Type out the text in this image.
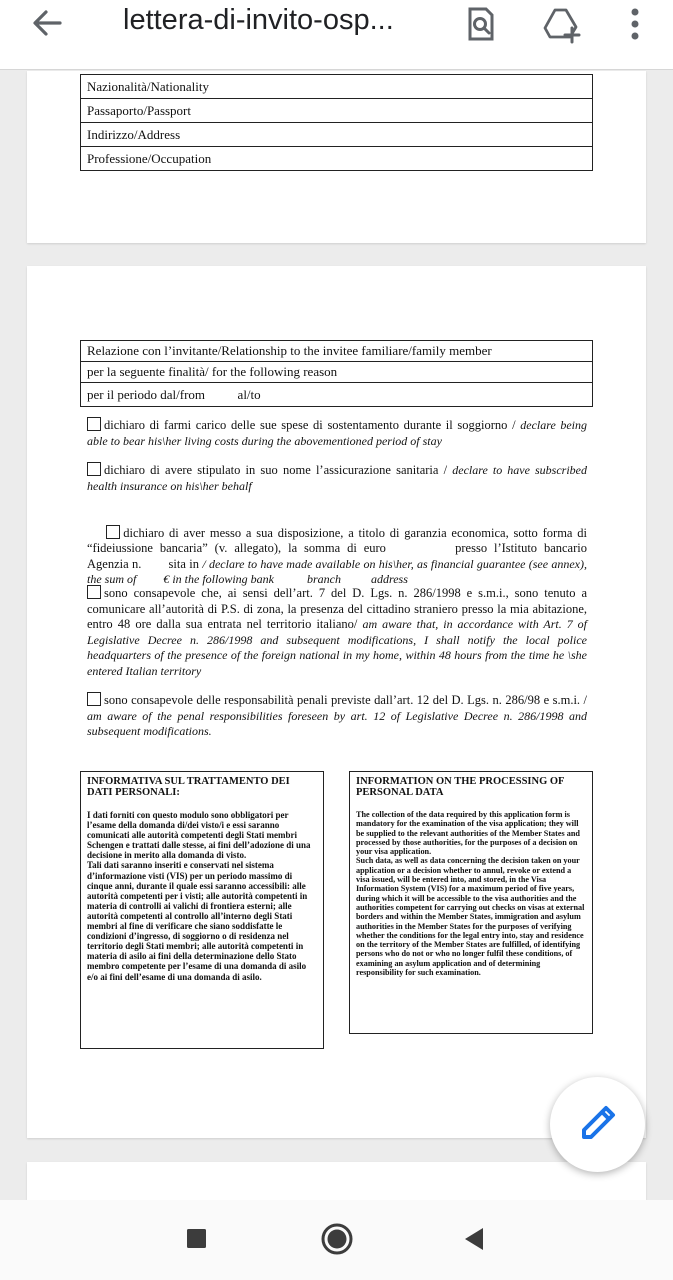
lettera-di-invito-osp...
Nazionalità/Nationality
Passaporto/Passport
Indirizzo/Address
Professione/Occupation
Relazione con l’invitante/Relationship to the invitee familiare/family member
per la seguente finalità/ for the following reason
per il periodo dal/from          al/to
dichiaro di farmi carico delle sue spese di sostentamento durante il soggiorno / declare being able to bear his\her living costs during the abovementioned period of stay
dichiaro di avere stipulato in suo nome l’assicurazione sanitaria / declare to have subscribed health insurance on his\her behalf

dichiaro di aver messo a sua disposizione, a titolo di garanzia economica, sotto forma di “fideiussione bancaria” (v. allegato), la somma di euro          presso l’Istituto bancario          Agenzia n.        sita in / declare to have made available on his\her, as financial guarantee (see annex), the sum of         € in the following bank           branch          address

sono consapevole che, ai sensi dell’art. 7 del D. Lgs. n. 286/1998 e s.m.i., sono tenuto a comunicare all’autorità di P.S. di zona, la presenza del cittadino straniero presso la mia abitazione, entro 48 ore dalla sua entrata nel territorio italiano/ am aware that, in accordance with Art. 7 of Legislative Decree n. 286/1998 and subsequent modifications, I shall notify the local police headquarters of the presence of the foreign national in my home, within 48 hours from the time he \she entered Italian territory
sono consapevole delle responsabilità penali previste dall’art. 12 del D. Lgs. n. 286/98 e s.m.i. / am aware of the penal responsibilities foreseen by art. 12 of Legislative Decree n. 286/1998 and subsequent modifications.
INFORMATIVA SUL TRATTAMENTO DEI DATI PERSONALI:
I dati forniti con questo modulo sono obbligatori per l’esame della domanda di/dei visto/i e essi saranno comunicati alle autorità competenti degli Stati membri Schengen e trattati dalle stesse, ai fini dell’adozione di una decisione in merito alla domanda di visto.
Tali dati saranno inseriti e conservati nel sistema d’informazione visti (VIS) per un periodo massimo di cinque anni, durante il quale essi saranno accessibili: alle autorità competenti per i visti; alle autorità competenti in materia di controlli ai valichi di frontiera esterni; alle autorità competenti al controllo all’interno degli Stati membri al fine di verificare che siano soddisfatte le condizioni d’ingresso, di soggiorno o di residenza nel territorio degli Stati membri; alle autorità competenti in materia di asilo ai fini della determinazione dello Stato membro competente per l’esame di una domanda di asilo e/o ai fini dell’esame di una domanda di asilo.
INFORMATION ON THE PROCESSING OF PERSONAL DATA
The collection of the data required by this application form is mandatory for the examination of the visa application; they will be supplied to the relevant authorities of the Member States and processed by those authorities, for the purposes of a decision on your visa application.
Such data, as well as data concerning the decision taken on your application or a decision whether to annul, revoke or extend a visa issued, will be entered into, and stored, in the Visa Information System (VIS) for a maximum period of five years, during which it will be accessible to the visa authorities and the authorities competent for carrying out checks on visas at external borders and within the Member States, immigration and asylum authorities in the Member States for the purposes of verifying whether the conditions for the legal entry into, stay and residence on the territory of the Member States are fulfilled, of identifying persons who do not or who no longer fulfil these conditions, of examining an asylum application and of determining responsibility for such examination.
